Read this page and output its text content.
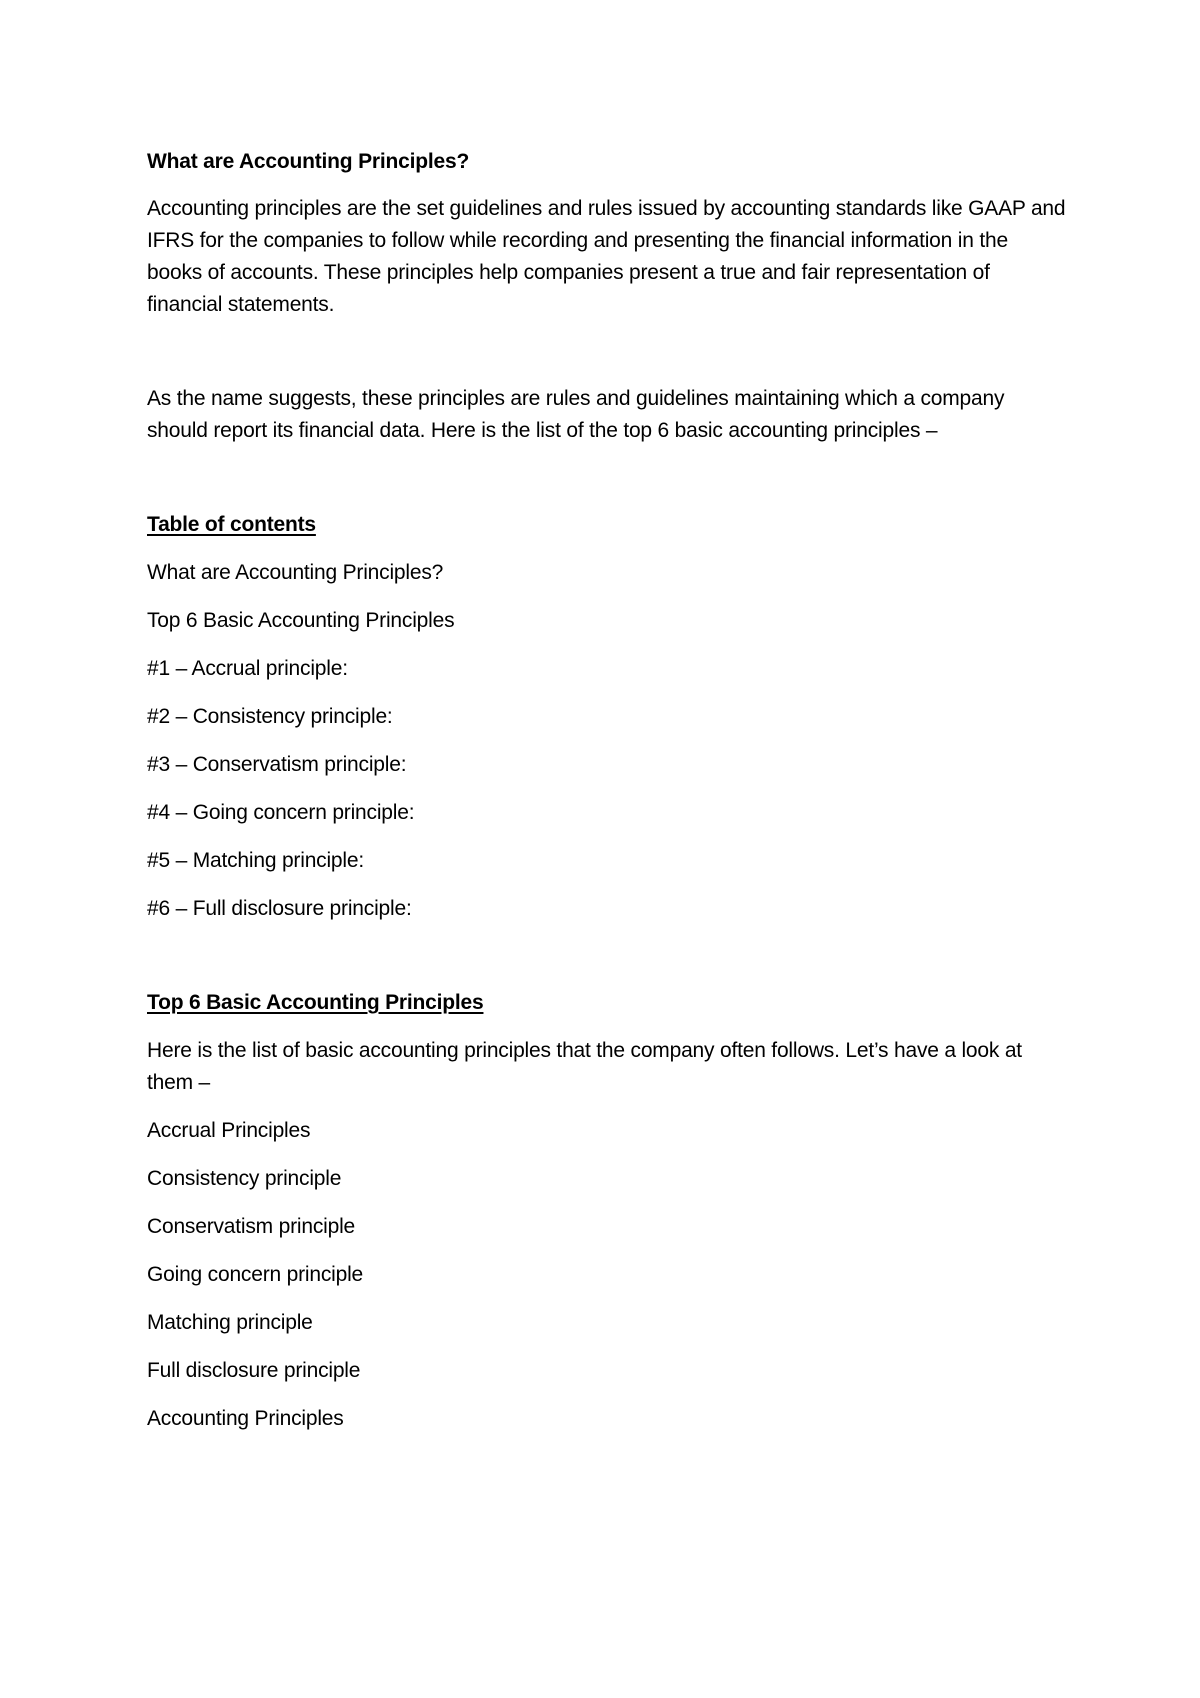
What are Accounting Principles?

Accounting principles are the set guidelines and rules issued by accounting standards like GAAP and IFRS for the companies to follow while recording and presenting the financial information in the books of accounts. These principles help companies present a true and fair representation of financial statements.

As the name suggests, these principles are rules and guidelines maintaining which a company should report its financial data. Here is the list of the top 6 basic accounting principles –

Table of contents

What are Accounting Principles?

Top 6 Basic Accounting Principles

#1 – Accrual principle:

#2 – Consistency principle:

#3 – Conservatism principle:

#4 – Going concern principle:

#5 – Matching principle:

#6 – Full disclosure principle:

Top 6 Basic Accounting Principles

Here is the list of basic accounting principles that the company often follows. Let’s have a look at them –

Accrual Principles

Consistency principle

Conservatism principle

Going concern principle

Matching principle

Full disclosure principle

Accounting Principles
